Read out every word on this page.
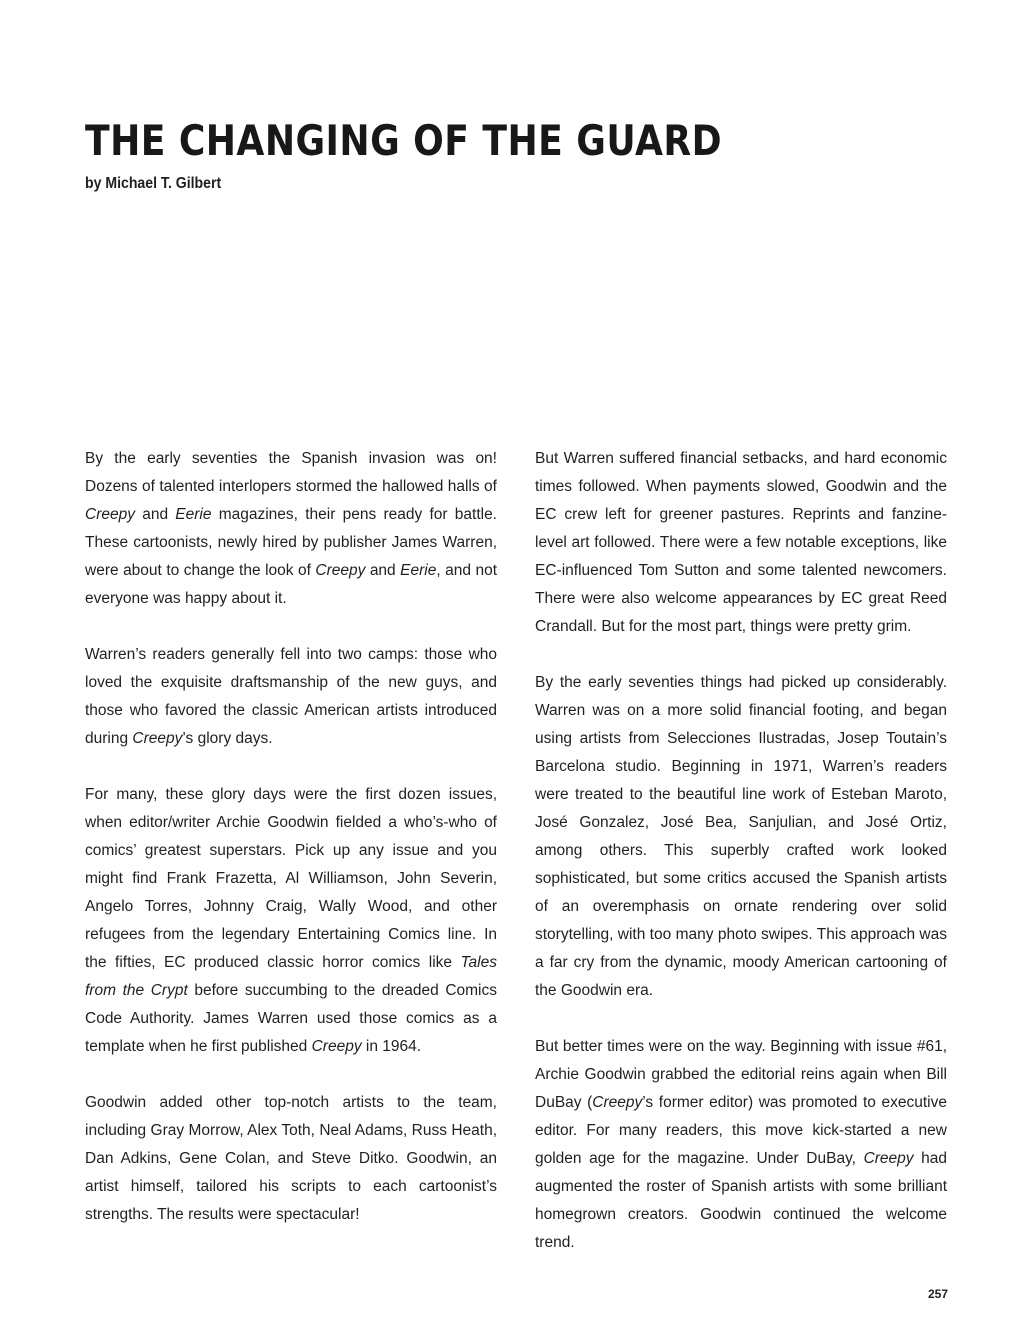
THE CHANGING OF THE GUARD

by Michael T. Gilbert

By the early seventies the Spanish invasion was on! Dozens of talented interlopers stormed the hallowed halls of Creepy and Eerie magazines, their pens ready for battle. These cartoonists, newly hired by publisher James Warren, were about to change the look of Creepy and Eerie, and not everyone was happy about it.

Warren’s readers generally fell into two camps: those who loved the exquisite draftsmanship of the new guys, and those who favored the classic American artists introduced during Creepy’s glory days.

For many, these glory days were the first dozen issues, when editor/writer Archie Goodwin fielded a who’s-who of comics’ greatest superstars. Pick up any issue and you might find Frank Frazetta, Al Williamson, John Severin, Angelo Torres, Johnny Craig, Wally Wood, and other refugees from the legendary Entertaining Comics line. In the fifties, EC produced classic horror comics like Tales from the Crypt before succumbing to the dreaded Comics Code Authority. James Warren used those comics as a template when he first published Creepy in 1964.

Goodwin added other top-notch artists to the team, including Gray Morrow, Alex Toth, Neal Adams, Russ Heath, Dan Adkins, Gene Colan, and Steve Ditko. Goodwin, an artist himself, tailored his scripts to each cartoonist’s strengths. The results were spectacular!

But Warren suffered financial setbacks, and hard economic times followed. When payments slowed, Goodwin and the EC crew left for greener pastures. Reprints and fanzine-level art followed. There were a few notable exceptions, like EC-influenced Tom Sutton and some talented newcomers. There were also welcome appearances by EC great Reed Crandall. But for the most part, things were pretty grim.

By the early seventies things had picked up considerably. Warren was on a more solid financial footing, and began using artists from Selecciones Ilustradas, Josep Toutain’s Barcelona studio. Beginning in 1971, Warren’s readers were treated to the beautiful line work of Esteban Maroto, José Gonzalez, José Bea, Sanjulian, and José Ortiz, among others. This superbly crafted work looked sophisticated, but some critics accused the Spanish artists of an overemphasis on ornate rendering over solid storytelling, with too many photo swipes. This approach was a far cry from the dynamic, moody American cartooning of the Goodwin era.

But better times were on the way. Beginning with issue #61, Archie Goodwin grabbed the editorial reins again when Bill DuBay (Creepy’s former editor) was promoted to executive editor. For many readers, this move kick-started a new golden age for the magazine. Under DuBay, Creepy had augmented the roster of Spanish artists with some brilliant homegrown creators. Goodwin continued the welcome trend.

257
